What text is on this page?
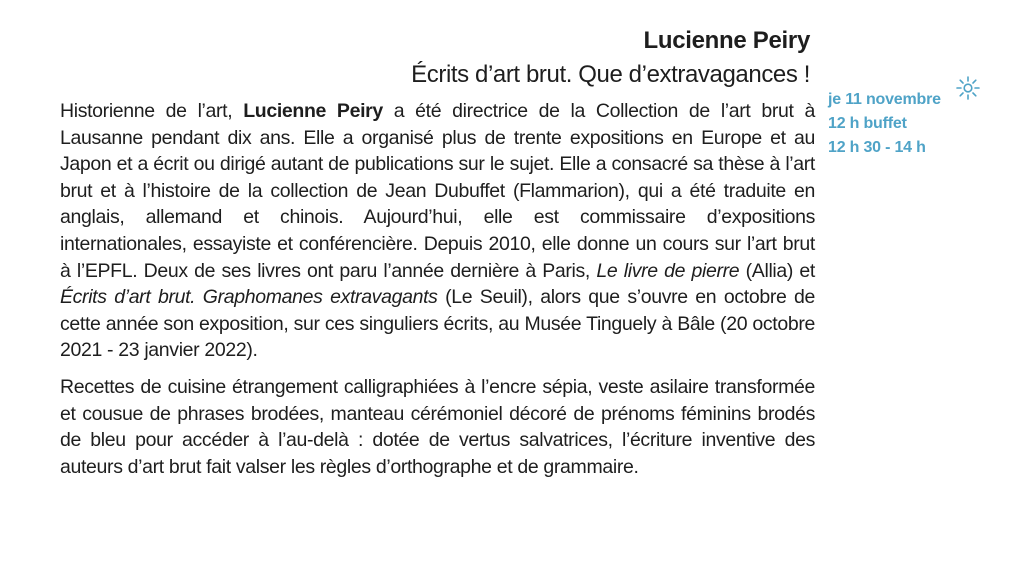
Lucienne Peiry
Écrits d’art brut. Que d’extravagances !
je 11 novembre
12 h buffet
12 h 30 - 14 h

Historienne de l’art, Lucienne Peiry a été directrice de la Collection de l’art brut à Lausanne pendant dix ans. Elle a organisé plus de trente expositions en Europe et au Japon et a écrit ou dirigé autant de publications sur le sujet. Elle a consacré sa thèse à l’art brut et à l’histoire de la collection de Jean Dubuffet (Flammarion), qui a été traduite en anglais, allemand et chinois. Aujourd’hui, elle est commissaire d’expositions internationales, essayiste et conférencière. Depuis 2010, elle donne un cours sur l’art brut à l’EPFL. Deux de ses livres ont paru l’année dernière à Paris, Le livre de pierre (Allia) et Écrits d’art brut. Graphomanes extravagants (Le Seuil), alors que s’ouvre en octobre de cette année son exposition, sur ces singuliers écrits, au Musée Tinguely à Bâle (20 octobre 2021 - 23 janvier 2022).

Recettes de cuisine étrangement calligraphiées à l’encre sépia, veste asilaire transformée et cousue de phrases brodées, manteau cérémoniel décoré de prénoms féminins brodés de bleu pour accéder à l’au-delà : dotée de vertus salvatrices, l’écriture inventive des auteurs d’art brut fait valser les règles d’orthographe et de grammaire.
